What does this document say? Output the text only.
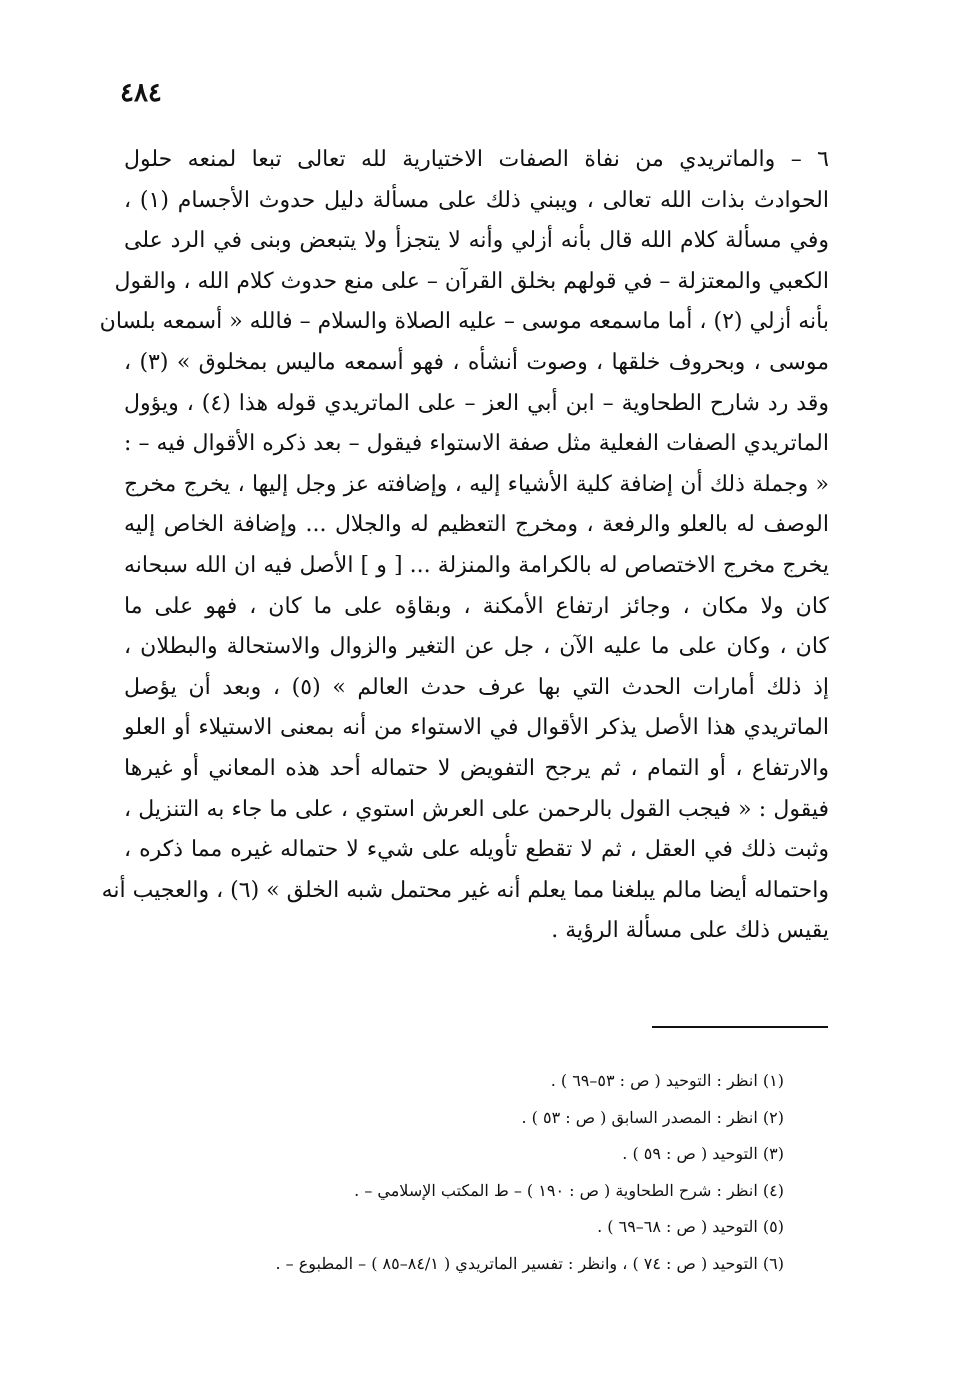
٤٨٤
٦ – والماتريدي من نفاة الصفات الاختيارية لله تعالى تبعا لمنعه حلول
الحوادث بذات الله تعالى ، ويبني ذلك على مسألة دليل حدوث الأجسام (١) ،
وفي مسألة كلام الله قال بأنه أزلي وأنه لا يتجزأ ولا يتبعض وبنى في الرد على
الكعبي والمعتزلة – في قولهم بخلق القرآن – على منع حدوث كلام الله ، والقول
بأنه أزلي (٢) ، أما ماسمعه موسى – عليه الصلاة والسلام – فالله « أسمعه بلسان
موسى ، وبحروف خلقها ، وصوت أنشأه ، فهو أسمعه ماليس بمخلوق » (٣) ،
وقد رد شارح الطحاوية – ابن أبي العز – على الماتريدي قوله هذا (٤) ، ويؤول
الماتريدي الصفات الفعلية مثل صفة الاستواء فيقول – بعد ذكره الأقوال فيه – :
« وجملة ذلك أن إضافة كلية الأشياء إليه ، وإضافته عز وجل إليها ، يخرج مخرج
الوصف له بالعلو والرفعة ، ومخرج التعظيم له والجلال ... وإضافة الخاص إليه
يخرج مخرج الاختصاص له بالكرامة والمنزلة ... [ و ] الأصل فيه ان الله سبحانه
كان ولا مكان ، وجائز ارتفاع الأمكنة ، وبقاؤه على ما كان ، فهو على ما
كان ، وكان على ما عليه الآن ، جل عن التغير والزوال والاستحالة والبطلان ،
إذ ذلك أمارات الحدث التي بها عرف حدث العالم » (٥) ، وبعد أن يؤصل
الماتريدي هذا الأصل يذكر الأقوال في الاستواء من أنه بمعنى الاستيلاء أو العلو
والارتفاع ، أو التمام ، ثم يرجح التفويض لا حتماله أحد هذه المعاني أو غيرها
فيقول : « فيجب القول بالرحمن على العرش استوي ، على ما جاء به التنزيل ،
وثبت ذلك في العقل ، ثم لا تقطع تأويله على شيء لا حتماله غيره مما ذكره ،
واحتماله أيضا مالم يبلغنا مما يعلم أنه غير محتمل شبه الخلق » (٦) ، والعجيب أنه
يقيس ذلك على مسألة الرؤية .
(١) انظر : التوحيد ( ص : ٥٣–٦٩ ) .
(٢) انظر : المصدر السابق ( ص : ٥٣ ) .
(٣) التوحيد ( ص : ٥٩ ) .
(٤) انظر : شرح الطحاوية ( ص : ١٩٠ ) – ط المكتب الإسلامي – .
(٥) التوحيد ( ص : ٦٨–٦٩ ) .
(٦) التوحيد ( ص : ٧٤ ) ، وانظر : تفسير الماتريدي ( ٨٤/١–٨٥ ) – المطبوع – .
